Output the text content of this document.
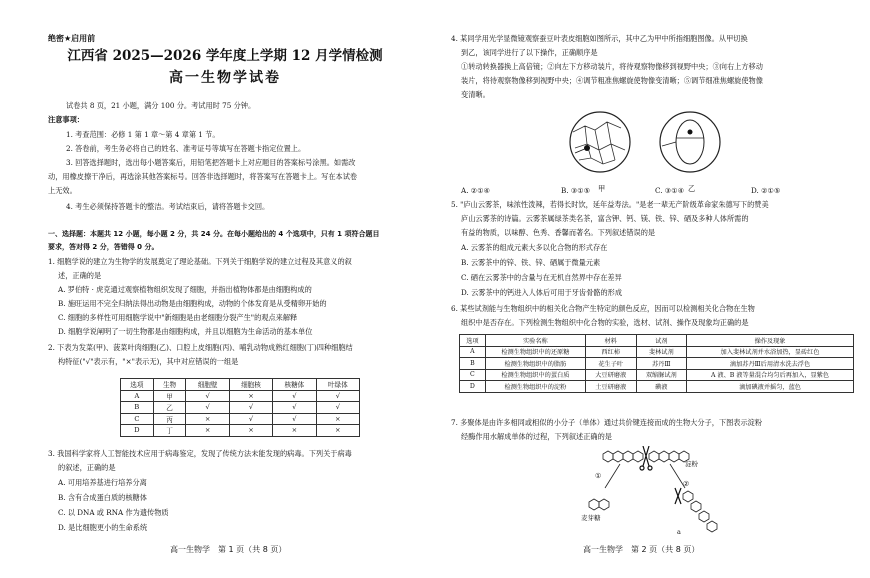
绝密★启用前
江西省 2025—2026 学年度上学期 12 月学情检测
高一生物学试卷
试卷共 8 页，21 小题，满分 100 分。考试用时 75 分钟。
注意事项：
1. 考查范围：必修 1 第 1 章～第 4 章第 1 节。
2. 答卷前，考生务必将自己的姓名、准考证号等填写在答题卡指定位置上。
3. 回答选择题时，选出每小题答案后，用铅笔把答题卡上对应题目的答案标号涂黑。如需改
动，用橡皮擦干净后，再选涂其他答案标号。回答非选择题时，将答案写在答题卡上。写在本试卷
上无效。
4. 考生必须保持答题卡的整洁。考试结束后，请将答题卡交回。
一、选择题：本题共 12 小题，每小题 2 分，共 24 分。在每小题给出的 4 个选项中，只有 1 项符合题目
要求，答对得 2 分，答错得 0 分。
1. 细胞学说的建立为生物学的发展奠定了理论基础。下列关于细胞学说的建立过程及其意义的叙
述，正确的是
A. 罗伯特 · 虎克通过观察植物组织发现了细胞，并指出植物体都是由细胞构成的
B. 施旺运用不完全归纳法得出动物是由细胞构成，动物的个体发育是从受精卵开始的
C. 细胞的多样性可用细胞学说中"新细胞是由老细胞分裂产生"的观点来解释
D. 细胞学说阐明了一切生物都是由细胞构成，并且以细胞为生命活动的基本单位
2. 下表为发菜(甲)、菠菜叶肉细胞(乙)、口腔上皮细胞(丙)、哺乳动物成熟红细胞(丁)四种细胞结
构特征("√"表示有，"×"表示无)，其中对应错误的一组是
选项	生物	细胞壁	细胞核	核糖体	叶绿体
A	甲	√	×	√	√
B	乙	√	√	√	√
C	丙	×	√	√	×
D	丁	×	×	×	×
3. 我国科学家将人工智能技术应用于病毒鉴定，发现了传统方法未能发现的病毒。下列关于病毒
的叙述，正确的是
A. 可用培养基进行培养分离
B. 含有合成蛋白质的核糖体
C. 以 DNA 或 RNA 作为遗传物质
D. 是比细胞更小的生命系统
高一生物学　第 1 页（共 8 页）
4. 某同学用光学显微镜观察蚕豆叶表皮细胞如图所示，其中乙为甲中所指细胞图像。从甲切换
到乙，该同学进行了以下操作，正确顺序是
①转动转换器换上高倍镜；②向左下方移动装片，将待观察物像移到视野中央；③向右上方移动
装片，将待观察物像移到视野中央；④调节粗准焦螺旋使物像变清晰；⑤调节细准焦螺旋使物像
变清晰。
甲	乙
A. ②①④	B. ③①⑤	C. ③①④	D. ②①⑤
5. "庐山云雾茶，味浓性泼辣，若得长时饮，延年益寿法。"是老一辈无产阶级革命家朱德写下的赞美
庐山云雾茶的诗篇。云雾茶属绿茶类名茶，富含钾、钙、镁、铁、锌、硒及多种人体所需的
有益的物质，以味醇、色秀、香馨而著名。下列叙述错误的是
A. 云雾茶的组成元素大多以化合物的形式存在
B. 云雾茶中的锌、铁、锌、硒属于微量元素
C. 硒在云雾茶中的含量与在无机自然界中存在差异
D. 云雾茶中的钙进入人体后可用于牙齿骨骼的形成
6. 某些试剂能与生物组织中的相关化合物产生特定的颜色反应，因而可以检测相关化合物在生物
组织中是否存在。下列检测生物组织中化合物的实验，选材、试剂、操作及现象均正确的是
选项	实验名称	材料	试剂	操作及现象
A	检测生物组织中的还原糖	西红柿	斐林试剂	加入斐林试剂并水浴加热，显砖红色
B	检测生物组织中的脂肪	花生子叶	苏丹Ⅲ	滴加苏丹Ⅲ后用清水洗去浮色
C	检测生物组织中的蛋白质	大豆研磨液	双缩脲试剂	A 液、B 液等量混合均匀后再加入，显紫色
D	检测生物组织中的淀粉	土豆研磨液	碘液	滴加碘液并摇匀，蓝色
7. 多聚体是由许多相同或相似的小分子（单体）通过共价键连接而成的生物大分子，下图表示淀粉
经酶作用水解成单体的过程，下列叙述正确的是
①
淀粉
②
麦芽糖
a
高一生物学　第 2 页（共 8 页）
